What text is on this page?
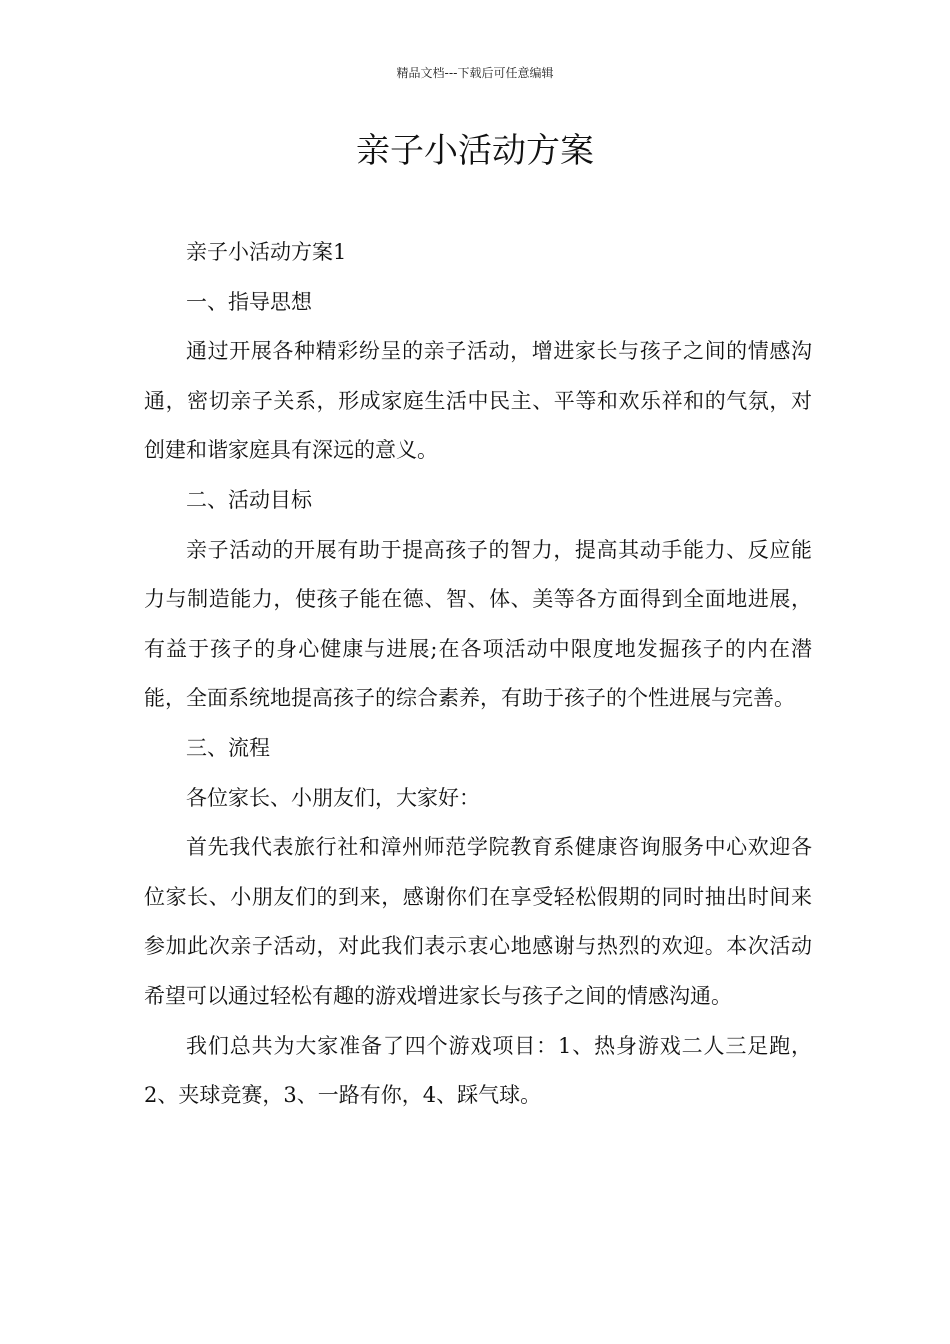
精品文档---下载后可任意编辑
亲子小活动方案

亲子小活动方案1

一、指导思想

通过开展各种精彩纷呈的亲子活动，增进家长与孩子之间的情感沟通，密切亲子关系，形成家庭生活中民主、平等和欢乐祥和的气氛，对创建和谐家庭具有深远的意义。

二、活动目标

亲子活动的开展有助于提高孩子的智力，提高其动手能力、反应能力与制造能力，使孩子能在德、智、体、美等各方面得到全面地进展，有益于孩子的身心健康与进展;在各项活动中限度地发掘孩子的内在潜能，全面系统地提高孩子的综合素养，有助于孩子的个性进展与完善。

三、流程

各位家长、小朋友们，大家好：

首先我代表旅行社和漳州师范学院教育系健康咨询服务中心欢迎各位家长、小朋友们的到来，感谢你们在享受轻松假期的同时抽出时间来参加此次亲子活动，对此我们表示衷心地感谢与热烈的欢迎。本次活动希望可以通过轻松有趣的游戏增进家长与孩子之间的情感沟通。

我们总共为大家准备了四个游戏项目：1、热身游戏二人三足跑，2、夹球竞赛，3、一路有你，4、踩气球。
